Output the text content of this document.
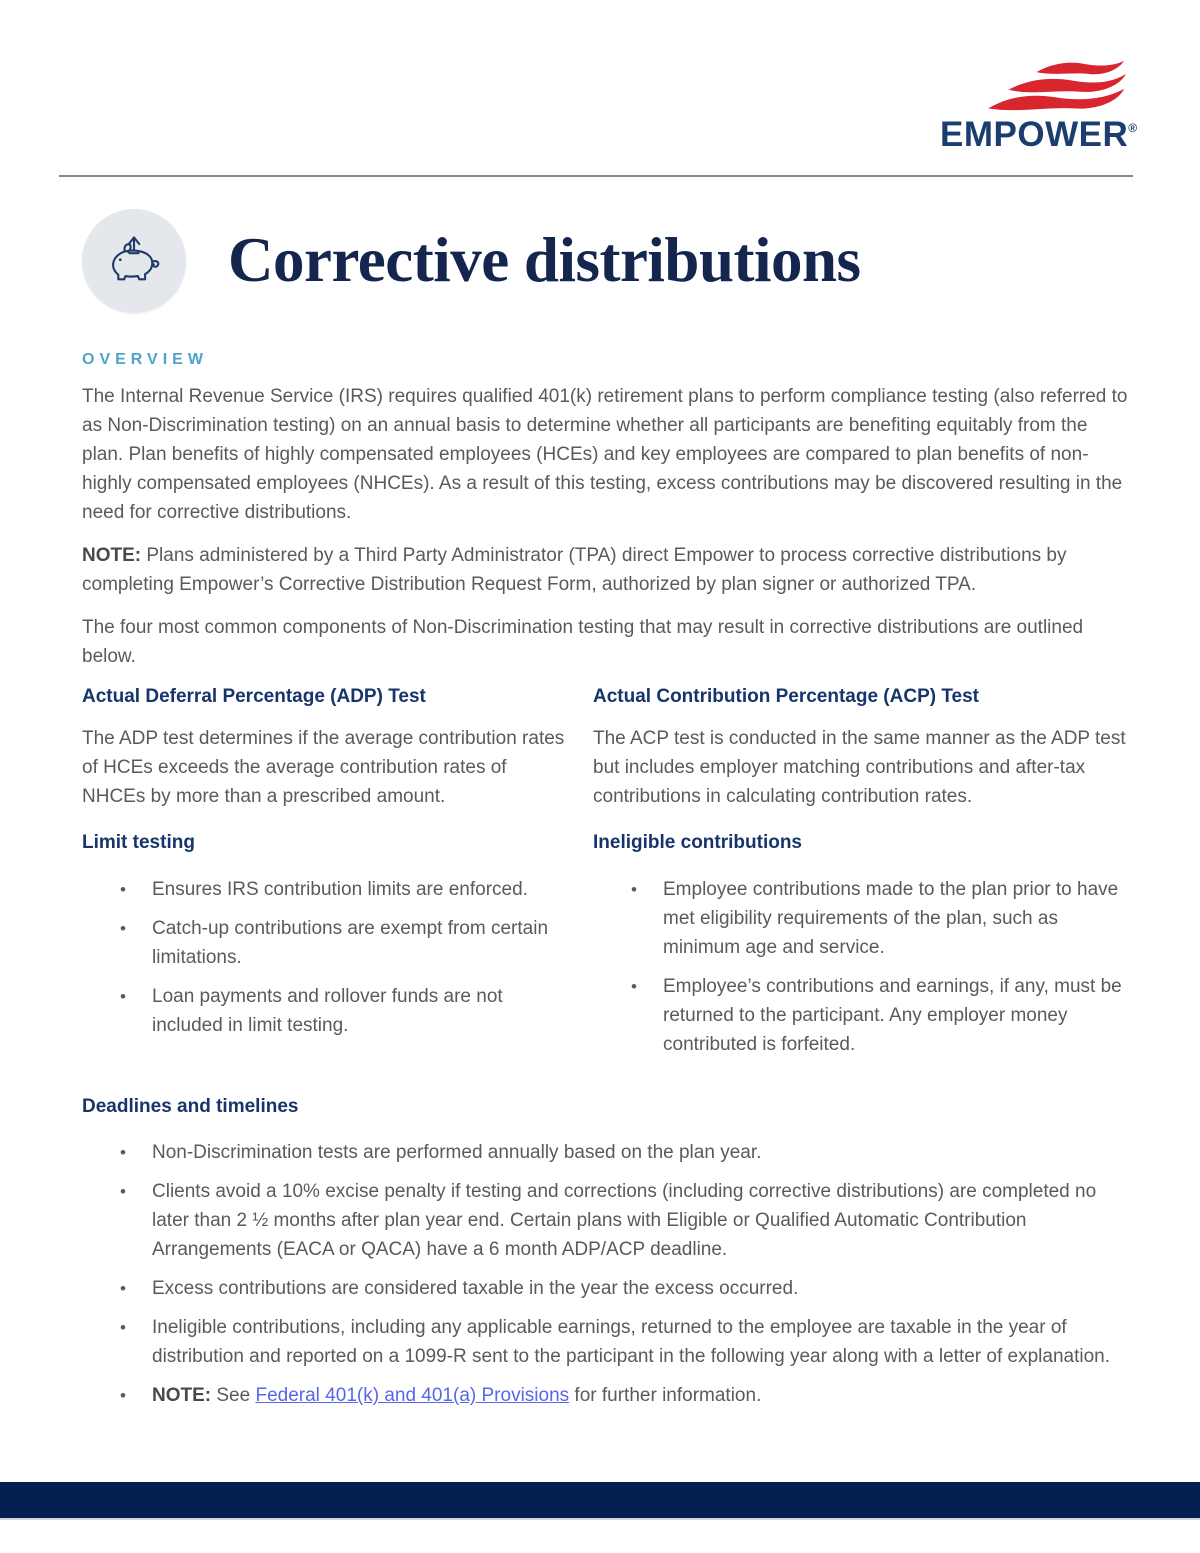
EMPOWER®
Corrective distributions
OVERVIEW

The Internal Revenue Service (IRS) requires qualified 401(k) retirement plans to perform compliance testing (also referred to as Non-Discrimination testing) on an annual basis to determine whether all participants are benefiting equitably from the plan. Plan benefits of highly compensated employees (HCEs) and key employees are compared to plan benefits of non-highly compensated employees (NHCEs). As a result of this testing, excess contributions may be discovered resulting in the need for corrective distributions.

NOTE: Plans administered by a Third Party Administrator (TPA) direct Empower to process corrective distributions by completing Empower’s Corrective Distribution Request Form, authorized by plan signer or authorized TPA.

The four most common components of Non-Discrimination testing that may result in corrective distributions are outlined below.

Actual Deferral Percentage (ADP) Test

The ADP test determines if the average contribution rates of HCEs exceeds the average contribution rates of NHCEs by more than a prescribed amount.

Limit testing
• Ensures IRS contribution limits are enforced.
• Catch-up contributions are exempt from certain limitations.
• Loan payments and rollover funds are not included in limit testing.
Actual Contribution Percentage (ACP) Test

The ACP test is conducted in the same manner as the ADP test but includes employer matching contributions and after-tax contributions in calculating contribution rates.

Ineligible contributions
• Employee contributions made to the plan prior to have met eligibility requirements of the plan, such as minimum age and service.
• Employee’s contributions and earnings, if any, must be returned to the participant. Any employer money contributed is forfeited.
Deadlines and timelines
• Non-Discrimination tests are performed annually based on the plan year.
• Clients avoid a 10% excise penalty if testing and corrections (including corrective distributions) are completed no later than 2 ½ months after plan year end. Certain plans with Eligible or Qualified Automatic Contribution Arrangements (EACA or QACA) have a 6 month ADP/ACP deadline.
• Excess contributions are considered taxable in the year the excess occurred.
• Ineligible contributions, including any applicable earnings, returned to the employee are taxable in the year of distribution and reported on a 1099-R sent to the participant in the following year along with a letter of explanation.
• NOTE: See Federal 401(k) and 401(a) Provisions for further information.
